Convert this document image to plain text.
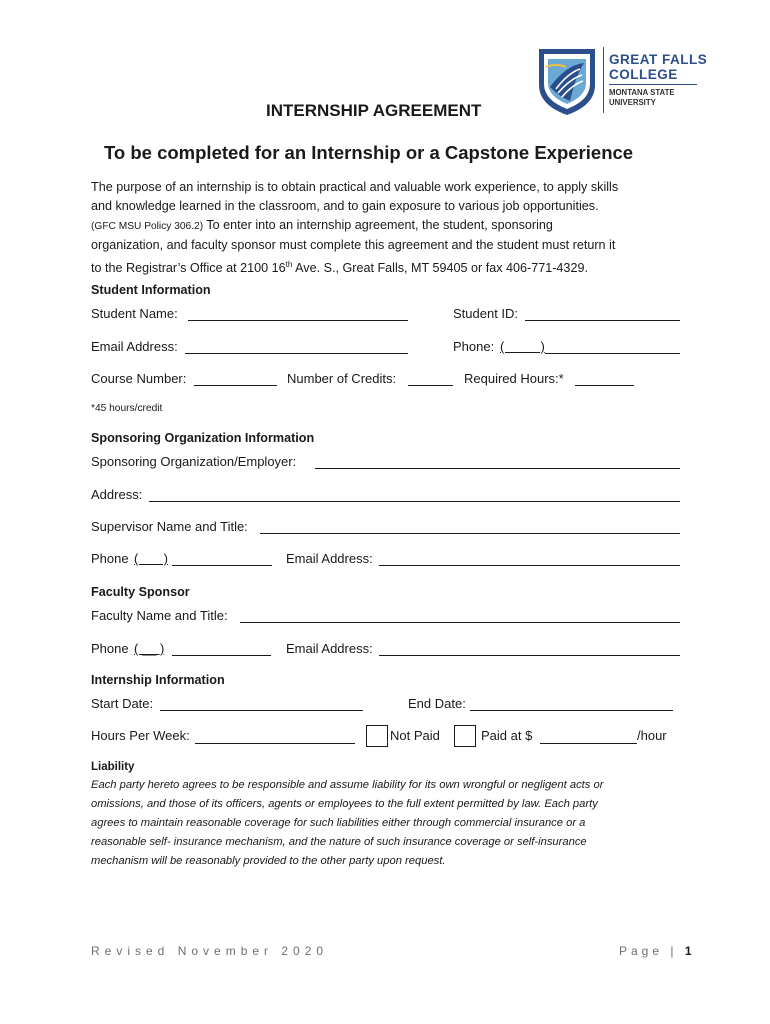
GREAT FALLS
COLLEGE
MONTANA STATE
UNIVERSITY
INTERNSHIP AGREEMENT
To be completed for an Internship or a Capstone Experience
The purpose of an internship is to obtain practical and valuable work experience, to apply skills
and knowledge learned in the classroom, and to gain exposure to various job opportunities.
(GFC MSU Policy 306.2) To enter into an internship agreement, the student, sponsoring
organization, and faculty sponsor must complete this agreement and the student must return it
to the Registrar’s Office at 2100 16th Ave. S., Great Falls, MT 59405 or fax 406-771-4329.
Student Information
Student Name:	Student ID:
Email Address:	Phone: (          )
Course Number:	Number of Credits:	Required Hours:*
*45 hours/credit
Sponsoring Organization Information
Sponsoring Organization/Employer:
Address:
Supervisor Name and Title:
Phone (       )	Email Address:
Faculty Sponsor
Faculty Name and Title:
Phone ( __ )	Email Address:
Internship Information
Start Date:	End Date:
Hours Per Week:	Not Paid	Paid at $	/hour
Liability
Each party hereto agrees to be responsible and assume liability for its own wrongful or negligent acts or
omissions, and those of its officers, agents or employees to the full extent permitted by law. Each party
agrees to maintain reasonable coverage for such liabilities either through commercial insurance or a
reasonable self- insurance mechanism, and the nature of such insurance coverage or self-insurance
mechanism will be reasonably provided to the other party upon request.
Revised November 2020	Page | 1
